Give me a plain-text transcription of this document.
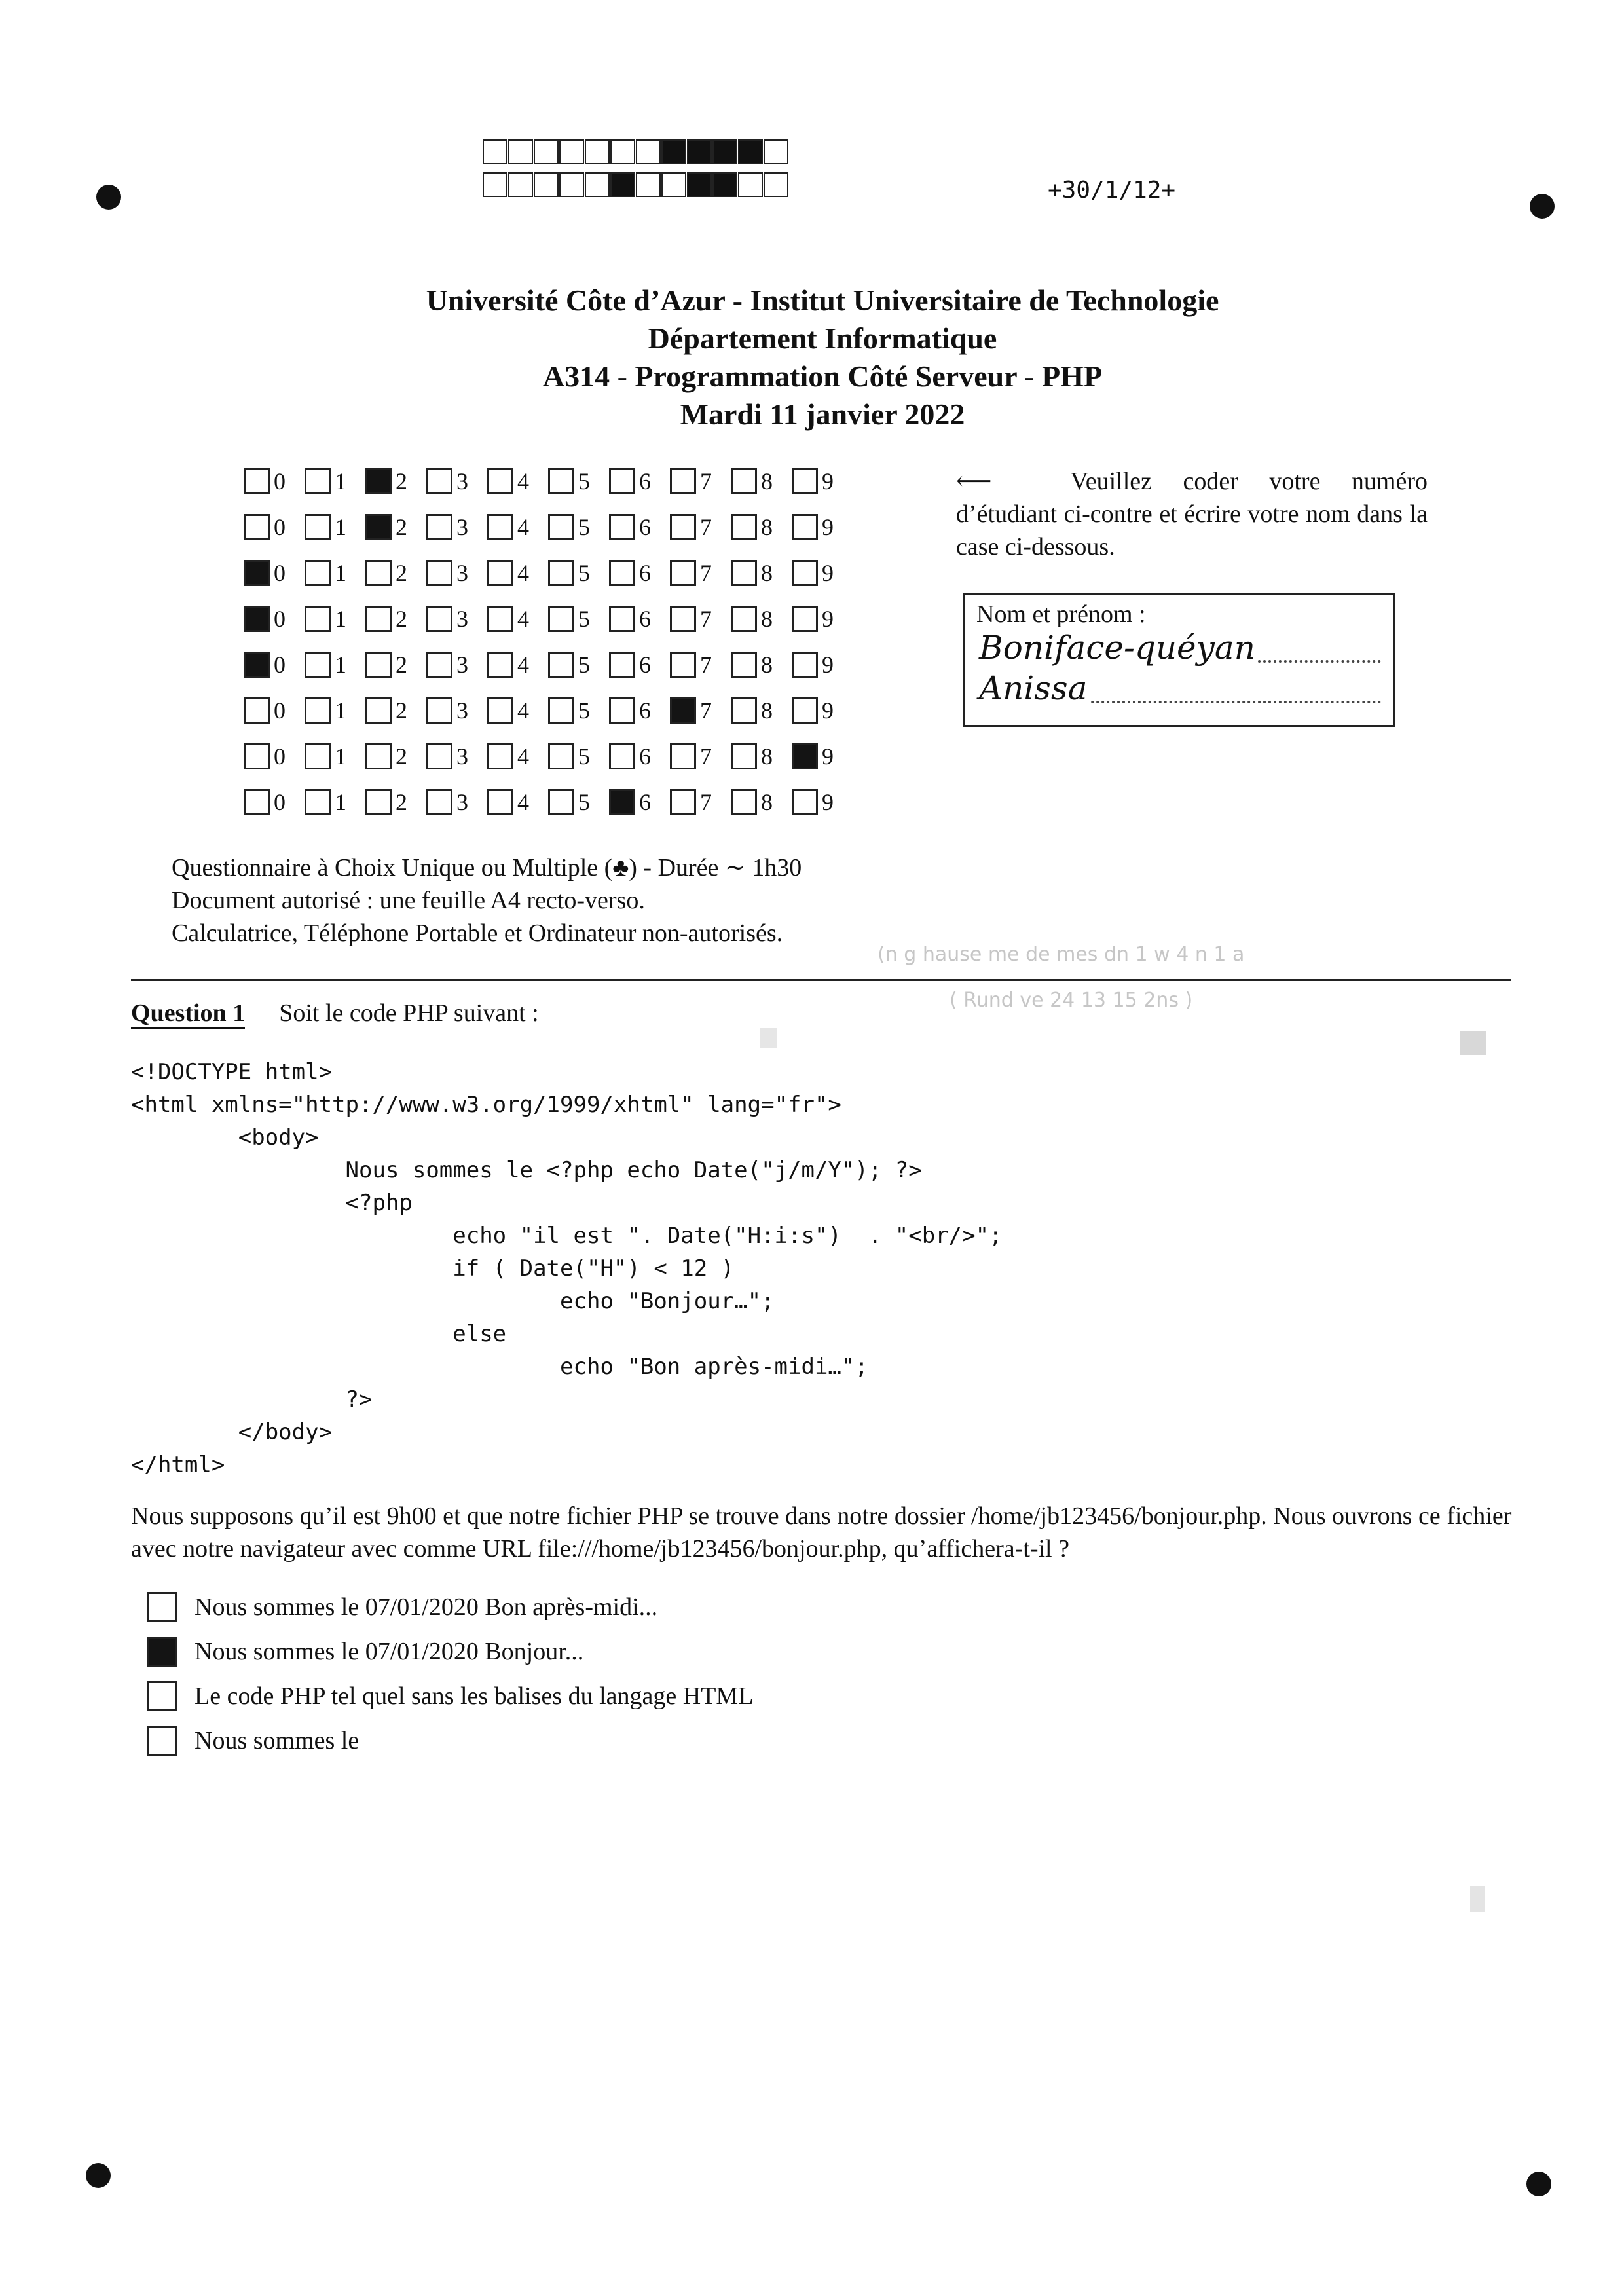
+30/1/12+
Université Côte d’Azur - Institut Universitaire de Technologie
Département Informatique
A314 - Programmation Côté Serveur - PHP
Mardi 11 janvier 2022
0 1 2 3 4 5 6 7 8 9
0 1 2 3 4 5 6 7 8 9
0 1 2 3 4 5 6 7 8 9
0 1 2 3 4 5 6 7 8 9
0 1 2 3 4 5 6 7 8 9
0 1 2 3 4 5 6 7 8 9
0 1 2 3 4 5 6 7 8 9
0 1 2 3 4 5 6 7 8 9
⟵	Veuillez coder votre numéro d’étudiant ci-contre et écrire votre nom dans la case ci-dessous.
Nom et prénom :
Boniface-quéyan
Anissa
Questionnaire à Choix Unique ou Multiple (♣) - Durée ∼ 1h30
Document autorisé : une feuille A4 recto-verso.
Calculatrice, Téléphone Portable et Ordinateur non-autorisés.
(n g hause me de mes dn 1 w 4 n 1 a
( Rund ve 24 13 15 2ns )
Question 1 Soit le code PHP suivant :
<!DOCTYPE html>
<html xmlns="http://www.w3.org/1999/xhtml" lang="fr">
<body>
Nous sommes le <?php echo Date("j/m/Y"); ?>
<?php
echo "il est ". Date("H:i:s")  . "<br/>";
if ( Date("H") < 12 )
echo "Bonjour…";
else
echo "Bon après-midi…";
?>
</body>
</html>
Nous supposons qu’il est 9h00 et que notre fichier PHP se trouve dans notre dossier /home/jb123456/bonjour.php. Nous ouvrons ce fichier avec notre navigateur avec comme URL file:///home/jb123456/bonjour.php, qu’affichera-t-il ?
Nous sommes le 07/01/2020 Bon après-midi...
Nous sommes le 07/01/2020 Bonjour...
Le code PHP tel quel sans les balises du langage HTML
Nous sommes le
